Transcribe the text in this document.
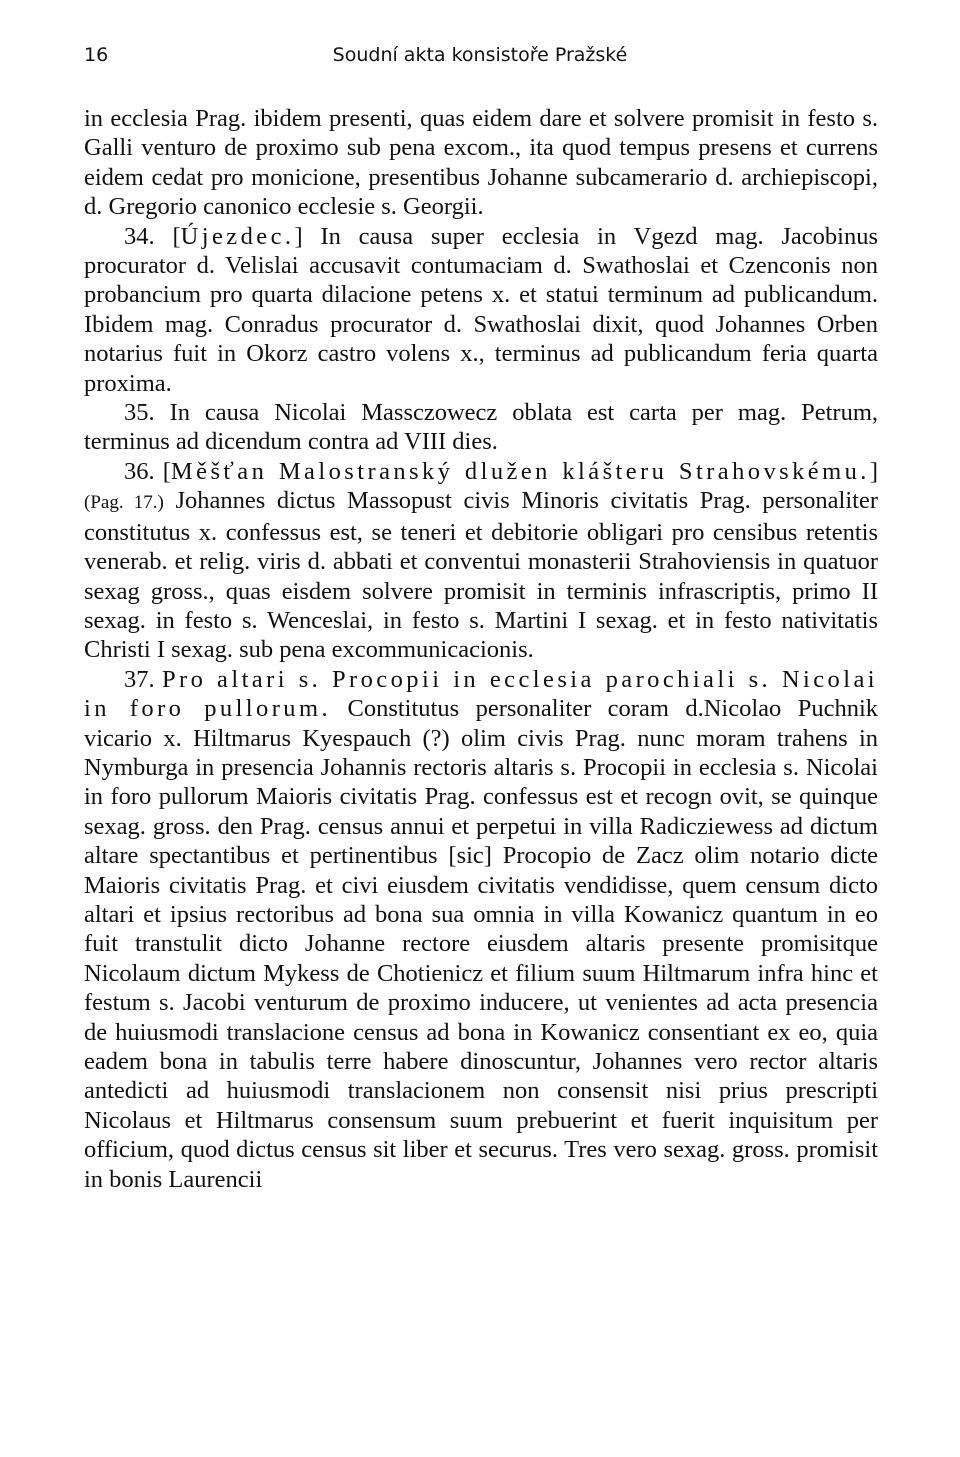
16	Soudní akta konsistoře Pražské

in ecclesia Prag. ibidem presenti, quas eidem dare et solvere promisit in festo s. Galli venturo de proximo sub pena excom., ita quod tempus presens et currens eidem cedat pro monicione, presentibus Johanne subcamerario d. archiepiscopi, d. Gregorio canonico ecclesie s. Georgii.

34. [Újezdec.] In causa super ecclesia in Vgezd mag. Jacobinus procurator d. Velislai accusavit contumaciam d. Swathoslai et Czenconis non probancium pro quarta dilacione petens x. et statui terminum ad publicandum. Ibidem mag. Conradus procurator d. Swathoslai dixit, quod Johannes Orben notarius fuit in Okorz castro volens x., terminus ad publicandum feria quarta proxima.

35. In causa Nicolai Massczowecz oblata est carta per mag. Petrum, terminus ad dicendum contra ad VIII dies.

36. [Měšťan Malostranský dlužen klášteru Strahovskému.] (Pag. 17.) Johannes dictus Massopust civis Minoris civitatis Prag. personaliter constitutus x. confessus est, se teneri et debitorie obligari pro censibus retentis venerab. et relig. viris d. abbati et conventui monasterii Strahoviensis in quatuor sexag gross., quas eisdem solvere promisit in terminis infrascriptis, primo II sexag. in festo s. Wenceslai, in festo s. Martini I sexag. et in festo nativitatis Christi I sexag. sub pena excommunicacionis.

37. Pro altari s. Procopii in ecclesia parochiali s. Nicolai in foro pullorum. Constitutus personaliter coram d.Nicolao Puchnik vicario x. Hiltmarus Kyespauch (?) olim civis Prag. nunc moram trahens in Nymburga in presencia Johannis rectoris altaris s. Procopii in ecclesia s. Nicolai in foro pullorum Maioris civitatis Prag. confessus est et recogn ovit, se quinque sexag. gross. den Prag. census annui et perpetui in villa Radicziewess ad dictum altare spectantibus et pertinentibus [sic] Procopio de Zacz olim notario dicte Maioris civitatis Prag. et civi eiusdem civitatis vendidisse, quem censum dicto altari et ipsius rectoribus ad bona sua omnia in villa Kowanicz quantum in eo fuit transtulit dicto Johanne rectore eiusdem altaris presente promisitque Nicolaum dictum Mykess de Chotienicz et filium suum Hiltmarum infra hinc et festum s. Jacobi venturum de proximo inducere, ut venientes ad acta presencia de huiusmodi translacione census ad bona in Kowanicz consentiant ex eo, quia eadem bona in tabulis terre habere dinoscuntur, Johannes vero rector altaris antedicti ad huiusmodi translacionem non consensit nisi prius prescripti Nicolaus et Hiltmarus consensum suum prebuerint et fuerit inquisitum per officium, quod dictus census sit liber et securus. Tres vero sexag. gross. promisit in bonis Laurencii
